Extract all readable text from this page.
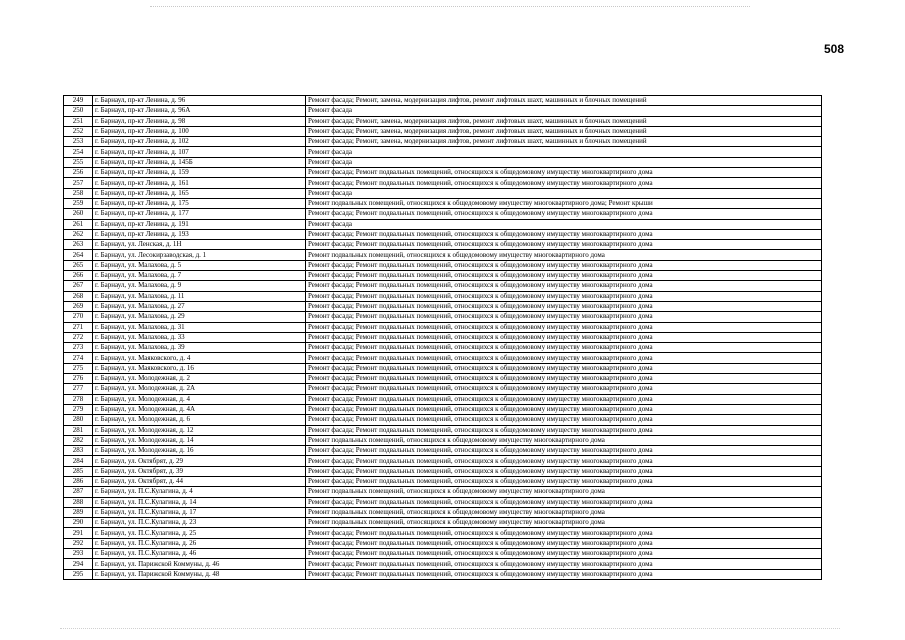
508
249	г. Барнаул, пр-кт Ленина, д. 96	Ремонт фасада; Ремонт, замена, модернизация лифтов, ремонт лифтовых шахт, машинных и блочных помещений
250	г. Барнаул, пр-кт Ленина, д. 96А	Ремонт фасада
251	г. Барнаул, пр-кт Ленина, д. 98	Ремонт фасада; Ремонт, замена, модернизация лифтов, ремонт лифтовых шахт, машинных и блочных помещений
252	г. Барнаул, пр-кт Ленина, д. 100	Ремонт фасада; Ремонт, замена, модернизация лифтов, ремонт лифтовых шахт, машинных и блочных помещений
253	г. Барнаул, пр-кт Ленина, д. 102	Ремонт фасада; Ремонт, замена, модернизация лифтов, ремонт лифтовых шахт, машинных и блочных помещений
254	г. Барнаул, пр-кт Ленина, д. 107	Ремонт фасада
255	г. Барнаул, пр-кт Ленина, д. 145Б	Ремонт фасада
256	г. Барнаул, пр-кт Ленина, д. 159	Ремонт фасада; Ремонт подвальных помещений, относящихся к общедомовому имуществу многоквартирного дома
257	г. Барнаул, пр-кт Ленина, д. 161	Ремонт фасада; Ремонт подвальных помещений, относящихся к общедомовому имуществу многоквартирного дома
258	г. Барнаул, пр-кт Ленина, д. 165	Ремонт фасада
259	г. Барнаул, пр-кт Ленина, д. 175	Ремонт подвальных помещений, относящихся к общедомовому имуществу многоквартирного дома; Ремонт крыши
260	г. Барнаул, пр-кт Ленина, д. 177	Ремонт фасада; Ремонт подвальных помещений, относящихся к общедомовому имуществу многоквартирного дома
261	г. Барнаул, пр-кт Ленина, д. 191	Ремонт фасада
262	г. Барнаул, пр-кт Ленина, д. 193	Ремонт фасада; Ремонт подвальных помещений, относящихся к общедомовому имуществу многоквартирного дома
263	г. Барнаул, ул. Ленская, д. 1Н	Ремонт фасада; Ремонт подвальных помещений, относящихся к общедомовому имуществу многоквартирного дома
264	г. Барнаул, ул. Лесокирзаводская, д. 1	Ремонт подвальных помещений, относящихся к общедомовому имуществу многоквартирного дома
265	г. Барнаул, ул. Малахова, д. 5	Ремонт фасада; Ремонт подвальных помещений, относящихся к общедомовому имуществу многоквартирного дома
266	г. Барнаул, ул. Малахова, д. 7	Ремонт фасада; Ремонт подвальных помещений, относящихся к общедомовому имуществу многоквартирного дома
267	г. Барнаул, ул. Малахова, д. 9	Ремонт фасада; Ремонт подвальных помещений, относящихся к общедомовому имуществу многоквартирного дома
268	г. Барнаул, ул. Малахова, д. 11	Ремонт фасада; Ремонт подвальных помещений, относящихся к общедомовому имуществу многоквартирного дома
269	г. Барнаул, ул. Малахова, д. 27	Ремонт фасада; Ремонт подвальных помещений, относящихся к общедомовому имуществу многоквартирного дома
270	г. Барнаул, ул. Малахова, д. 29	Ремонт фасада; Ремонт подвальных помещений, относящихся к общедомовому имуществу многоквартирного дома
271	г. Барнаул, ул. Малахова, д. 31	Ремонт фасада; Ремонт подвальных помещений, относящихся к общедомовому имуществу многоквартирного дома
272	г. Барнаул, ул. Малахова, д. 33	Ремонт фасада; Ремонт подвальных помещений, относящихся к общедомовому имуществу многоквартирного дома
273	г. Барнаул, ул. Малахова, д. 39	Ремонт фасада; Ремонт подвальных помещений, относящихся к общедомовому имуществу многоквартирного дома
274	г. Барнаул, ул. Маяковского, д. 4	Ремонт фасада; Ремонт подвальных помещений, относящихся к общедомовому имуществу многоквартирного дома
275	г. Барнаул, ул. Маяковского, д. 16	Ремонт фасада; Ремонт подвальных помещений, относящихся к общедомовому имуществу многоквартирного дома
276	г. Барнаул, ул. Молодежная, д. 2	Ремонт фасада; Ремонт подвальных помещений, относящихся к общедомовому имуществу многоквартирного дома
277	г. Барнаул, ул. Молодежная, д. 2А	Ремонт фасада; Ремонт подвальных помещений, относящихся к общедомовому имуществу многоквартирного дома
278	г. Барнаул, ул. Молодежная, д. 4	Ремонт фасада; Ремонт подвальных помещений, относящихся к общедомовому имуществу многоквартирного дома
279	г. Барнаул, ул. Молодежная, д. 4А	Ремонт фасада; Ремонт подвальных помещений, относящихся к общедомовому имуществу многоквартирного дома
280	г. Барнаул, ул. Молодежная, д. 6	Ремонт фасада; Ремонт подвальных помещений, относящихся к общедомовому имуществу многоквартирного дома
281	г. Барнаул, ул. Молодежная, д. 12	Ремонт фасада; Ремонт подвальных помещений, относящихся к общедомовому имуществу многоквартирного дома
282	г. Барнаул, ул. Молодежная, д. 14	Ремонт подвальных помещений, относящихся к общедомовому имуществу многоквартирного дома
283	г. Барнаул, ул. Молодежная, д. 16	Ремонт фасада; Ремонт подвальных помещений, относящихся к общедомовому имуществу многоквартирного дома
284	г. Барнаул, ул. Октябрят, д. 29	Ремонт фасада; Ремонт подвальных помещений, относящихся к общедомовому имуществу многоквартирного дома
285	г. Барнаул, ул. Октябрят, д. 39	Ремонт фасада; Ремонт подвальных помещений, относящихся к общедомовому имуществу многоквартирного дома
286	г. Барнаул, ул. Октябрят, д. 44	Ремонт фасада; Ремонт подвальных помещений, относящихся к общедомовому имуществу многоквартирного дома
287	г. Барнаул, ул. П.С.Кулагина, д. 4	Ремонт подвальных помещений, относящихся к общедомовому имуществу многоквартирного дома
288	г. Барнаул, ул. П.С.Кулагина, д. 14	Ремонт фасада; Ремонт подвальных помещений, относящихся к общедомовому имуществу многоквартирного дома
289	г. Барнаул, ул. П.С.Кулагина, д. 17	Ремонт подвальных помещений, относящихся к общедомовому имуществу многоквартирного дома
290	г. Барнаул, ул. П.С.Кулагина, д. 23	Ремонт подвальных помещений, относящихся к общедомовому имуществу многоквартирного дома
291	г. Барнаул, ул. П.С.Кулагина, д. 25	Ремонт фасада; Ремонт подвальных помещений, относящихся к общедомовому имуществу многоквартирного дома
292	г. Барнаул, ул. П.С.Кулагина, д. 26	Ремонт фасада; Ремонт подвальных помещений, относящихся к общедомовому имуществу многоквартирного дома
293	г. Барнаул, ул. П.С.Кулагина, д. 46	Ремонт фасада; Ремонт подвальных помещений, относящихся к общедомовому имуществу многоквартирного дома
294	г. Барнаул, ул. Парижской Коммуны, д. 46	Ремонт фасада; Ремонт подвальных помещений, относящихся к общедомовому имуществу многоквартирного дома
295	г. Барнаул, ул. Парижской Коммуны, д. 48	Ремонт фасада; Ремонт подвальных помещений, относящихся к общедомовому имуществу многоквартирного дома
